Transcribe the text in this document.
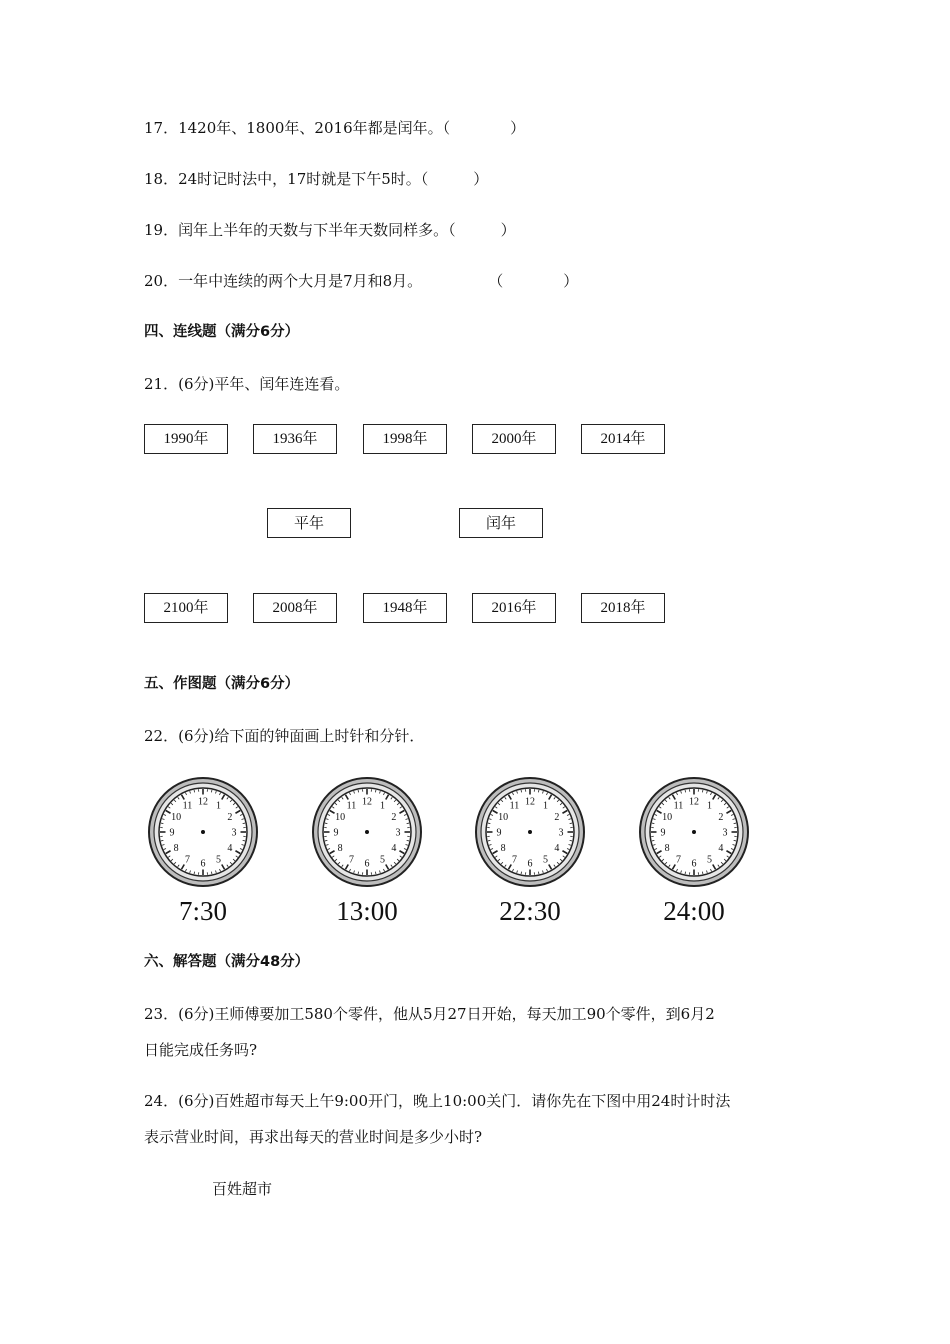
17．1420年、1800年、2016年都是闰年。（　　　　）
18．24时记时法中，17时就是下午5时。（　　　）
19．闰年上半年的天数与下半年天数同样多。（　　　）
20．一年中连续的两个大月是7月和8月。	（　　　　）
四、连线题（满分6分）
21．(6分)平年、闰年连连看。
1990年	1936年	1998年	2000年	2014年
平年	闰年
2100年	2008年	1948年	2016年	2018年
五、作图题（满分6分）
22．(6分)给下面的钟面画上时针和分针．
12 1
2
3
4
5
6
7
8
9
10
11
7:30
12 1
2
3
4
5
6
7
8
9
10
11
13:00
12 1
2
3
4
5
6
7
8
9
10
11
22:30
12 1
2
3
4
5
6
7
8
9
10
11
24:00
六、解答题（满分48分）
23．(6分)王师傅要加工580个零件，他从5月27日开始，每天加工90个零件，到6月2
日能完成任务吗?
24．(6分)百姓超市每天上午9:00开门，晚上10:00关门．请你先在下图中用24时计时法
表示营业时间，再求出每天的营业时间是多少小时?
百姓超市
